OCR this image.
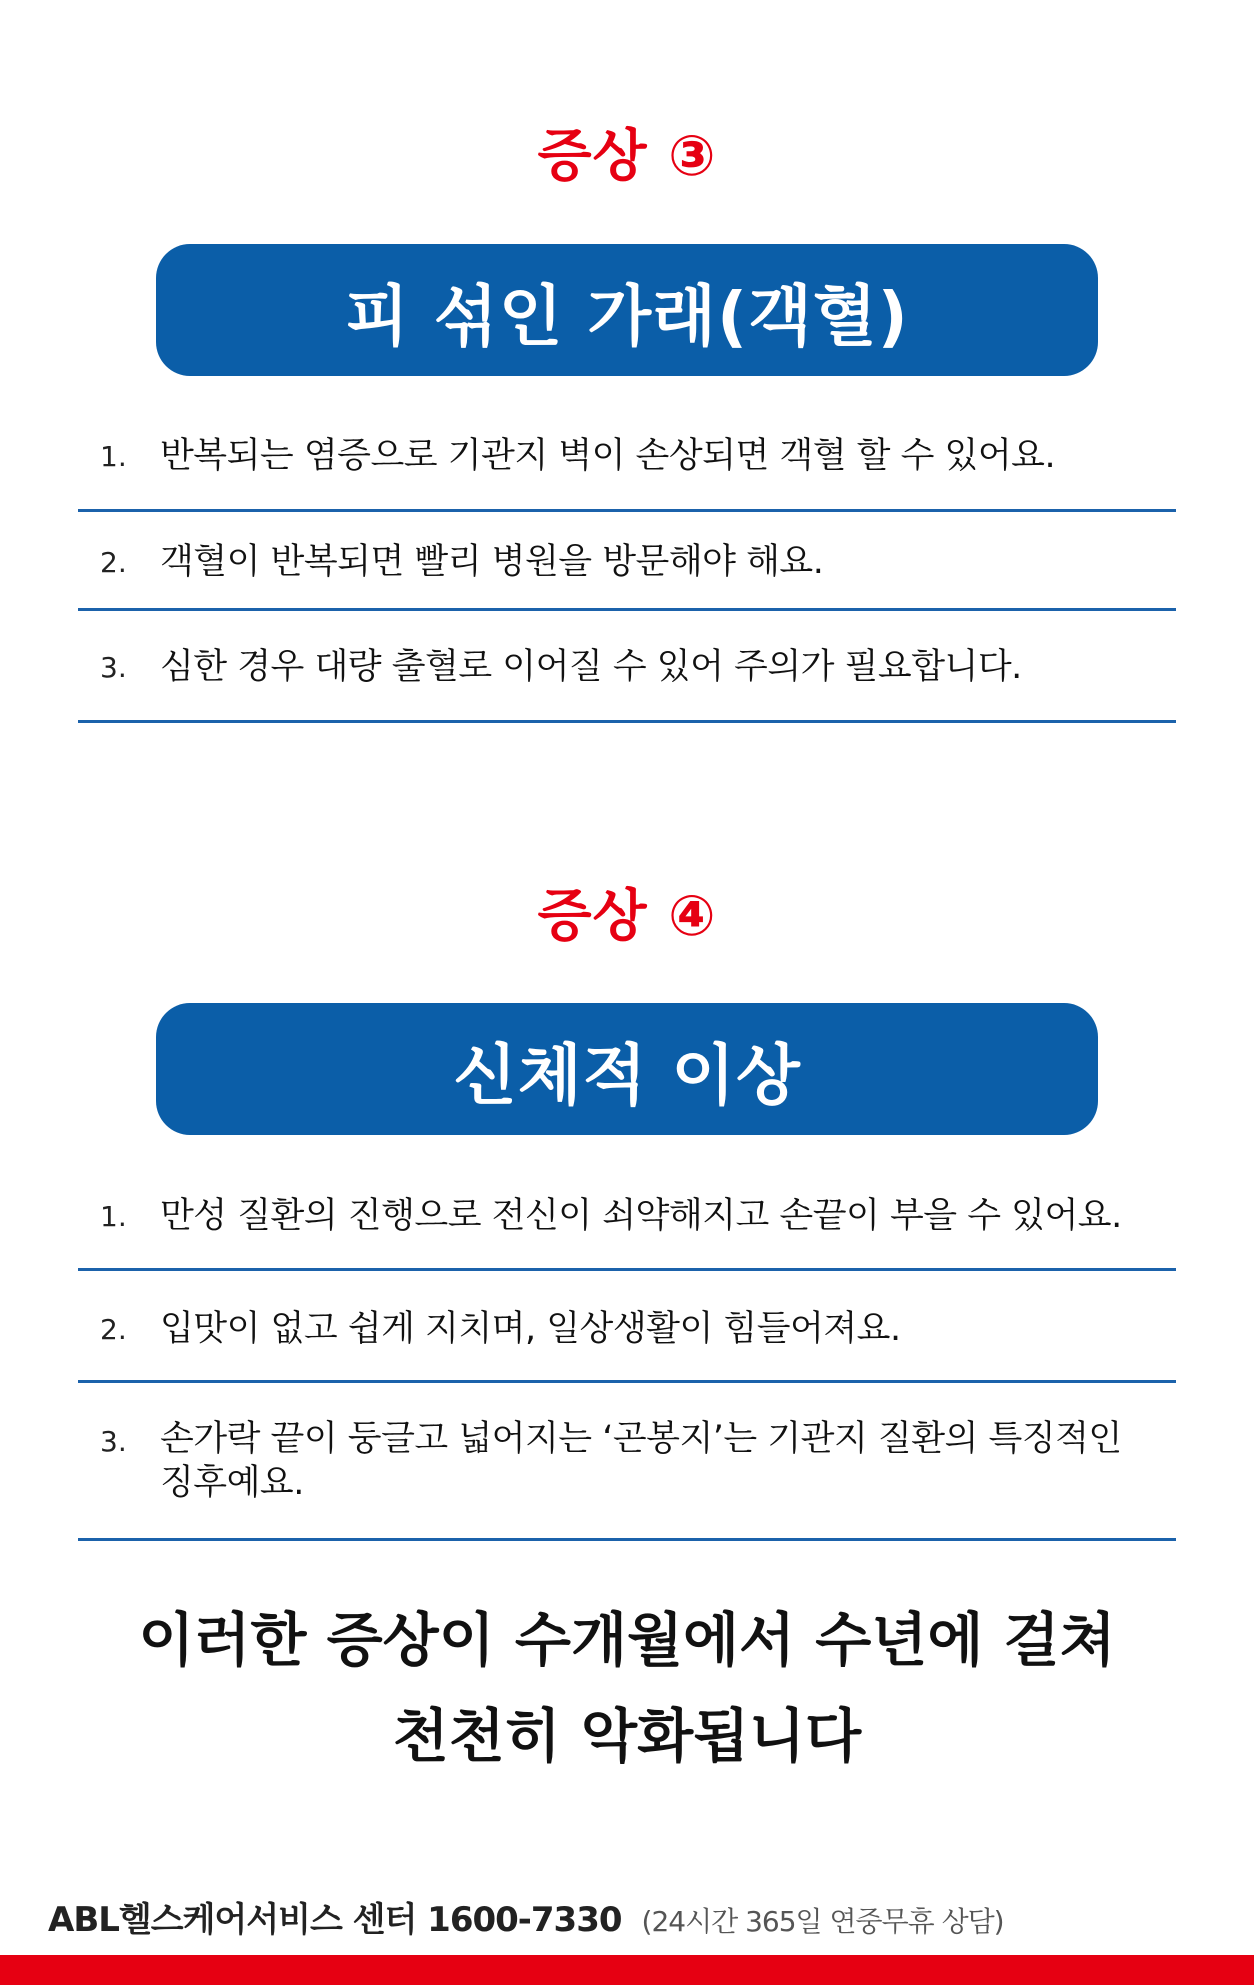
증상 ③
피 섞인 가래(객혈)
1. 반복되는 염증으로 기관지 벽이 손상되면 객혈 할 수 있어요.
2. 객혈이 반복되면 빨리 병원을 방문해야 해요.
3. 심한 경우 대량 출혈로 이어질 수 있어 주의가 필요합니다.
증상 ④
신체적 이상
1. 만성 질환의 진행으로 전신이 쇠약해지고 손끝이 부을 수 있어요.
2. 입맛이 없고 쉽게 지치며, 일상생활이 힘들어져요.
3. 손가락 끝이 둥글고 넓어지는 ‘곤봉지’는 기관지 질환의 특징적인 징후예요.
이러한 증상이 수개월에서 수년에 걸쳐
천천히 악화됩니다
ABL헬스케어서비스 센터 1600-7330 (24시간 365일 연중무휴 상담)
